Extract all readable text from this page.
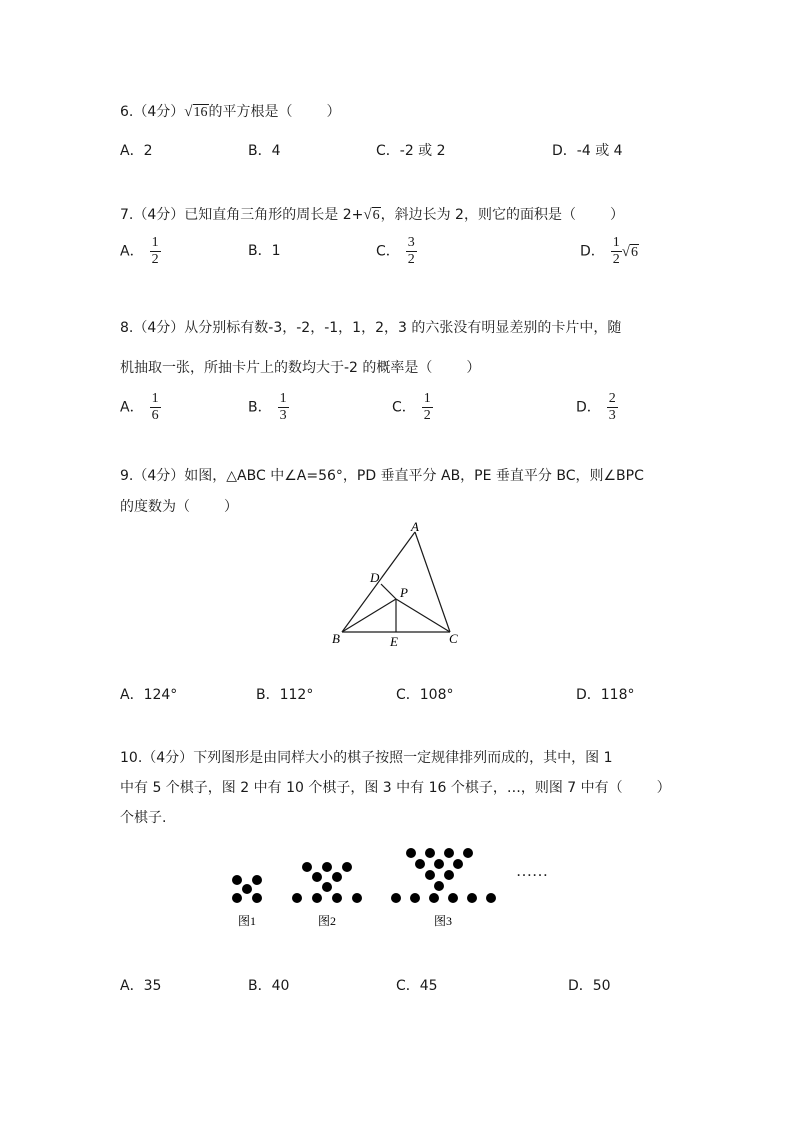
6.（4分）√16的平方根是（ ）
A．2	B．4	C．-2 或 2	D．-4 或 4
7.（4分）已知直角三角形的周长是 2+√6，斜边长为 2，则它的面积是（ ）
A． $\frac{1}{2}$	B．1	C． $\frac{3}{2}$	D． $\frac{1}{2} √6$
8.（4分）从分别标有数-3，-2，-1，1，2，3 的六张没有明显差别的卡片中，随
机抽取一张，所抽卡片上的数均大于-2 的概率是（ ）
A． $\frac{1}{6}$	B． $\frac{1}{3}$	C． $\frac{1}{2}$	D． $\frac{2}{3}$
9.（4分）如图，△ABC 中∠A=56°，PD 垂直平分 AB，PE 垂直平分 BC，则∠BPC
的度数为（ ）
A
D
P
B	E	C
A．124°	B．112°	C．108°	D．118°
10.（4分）下列图形是由同样大小的棋子按照一定规律排列而成的，其中，图 1
中有 5 个棋子，图 2 中有 10 个棋子，图 3 中有 16 个棋子，…，则图 7 中有（ ）
个棋子.
……
图1	图2	图3
A．35	B．40	C．45	D．50
